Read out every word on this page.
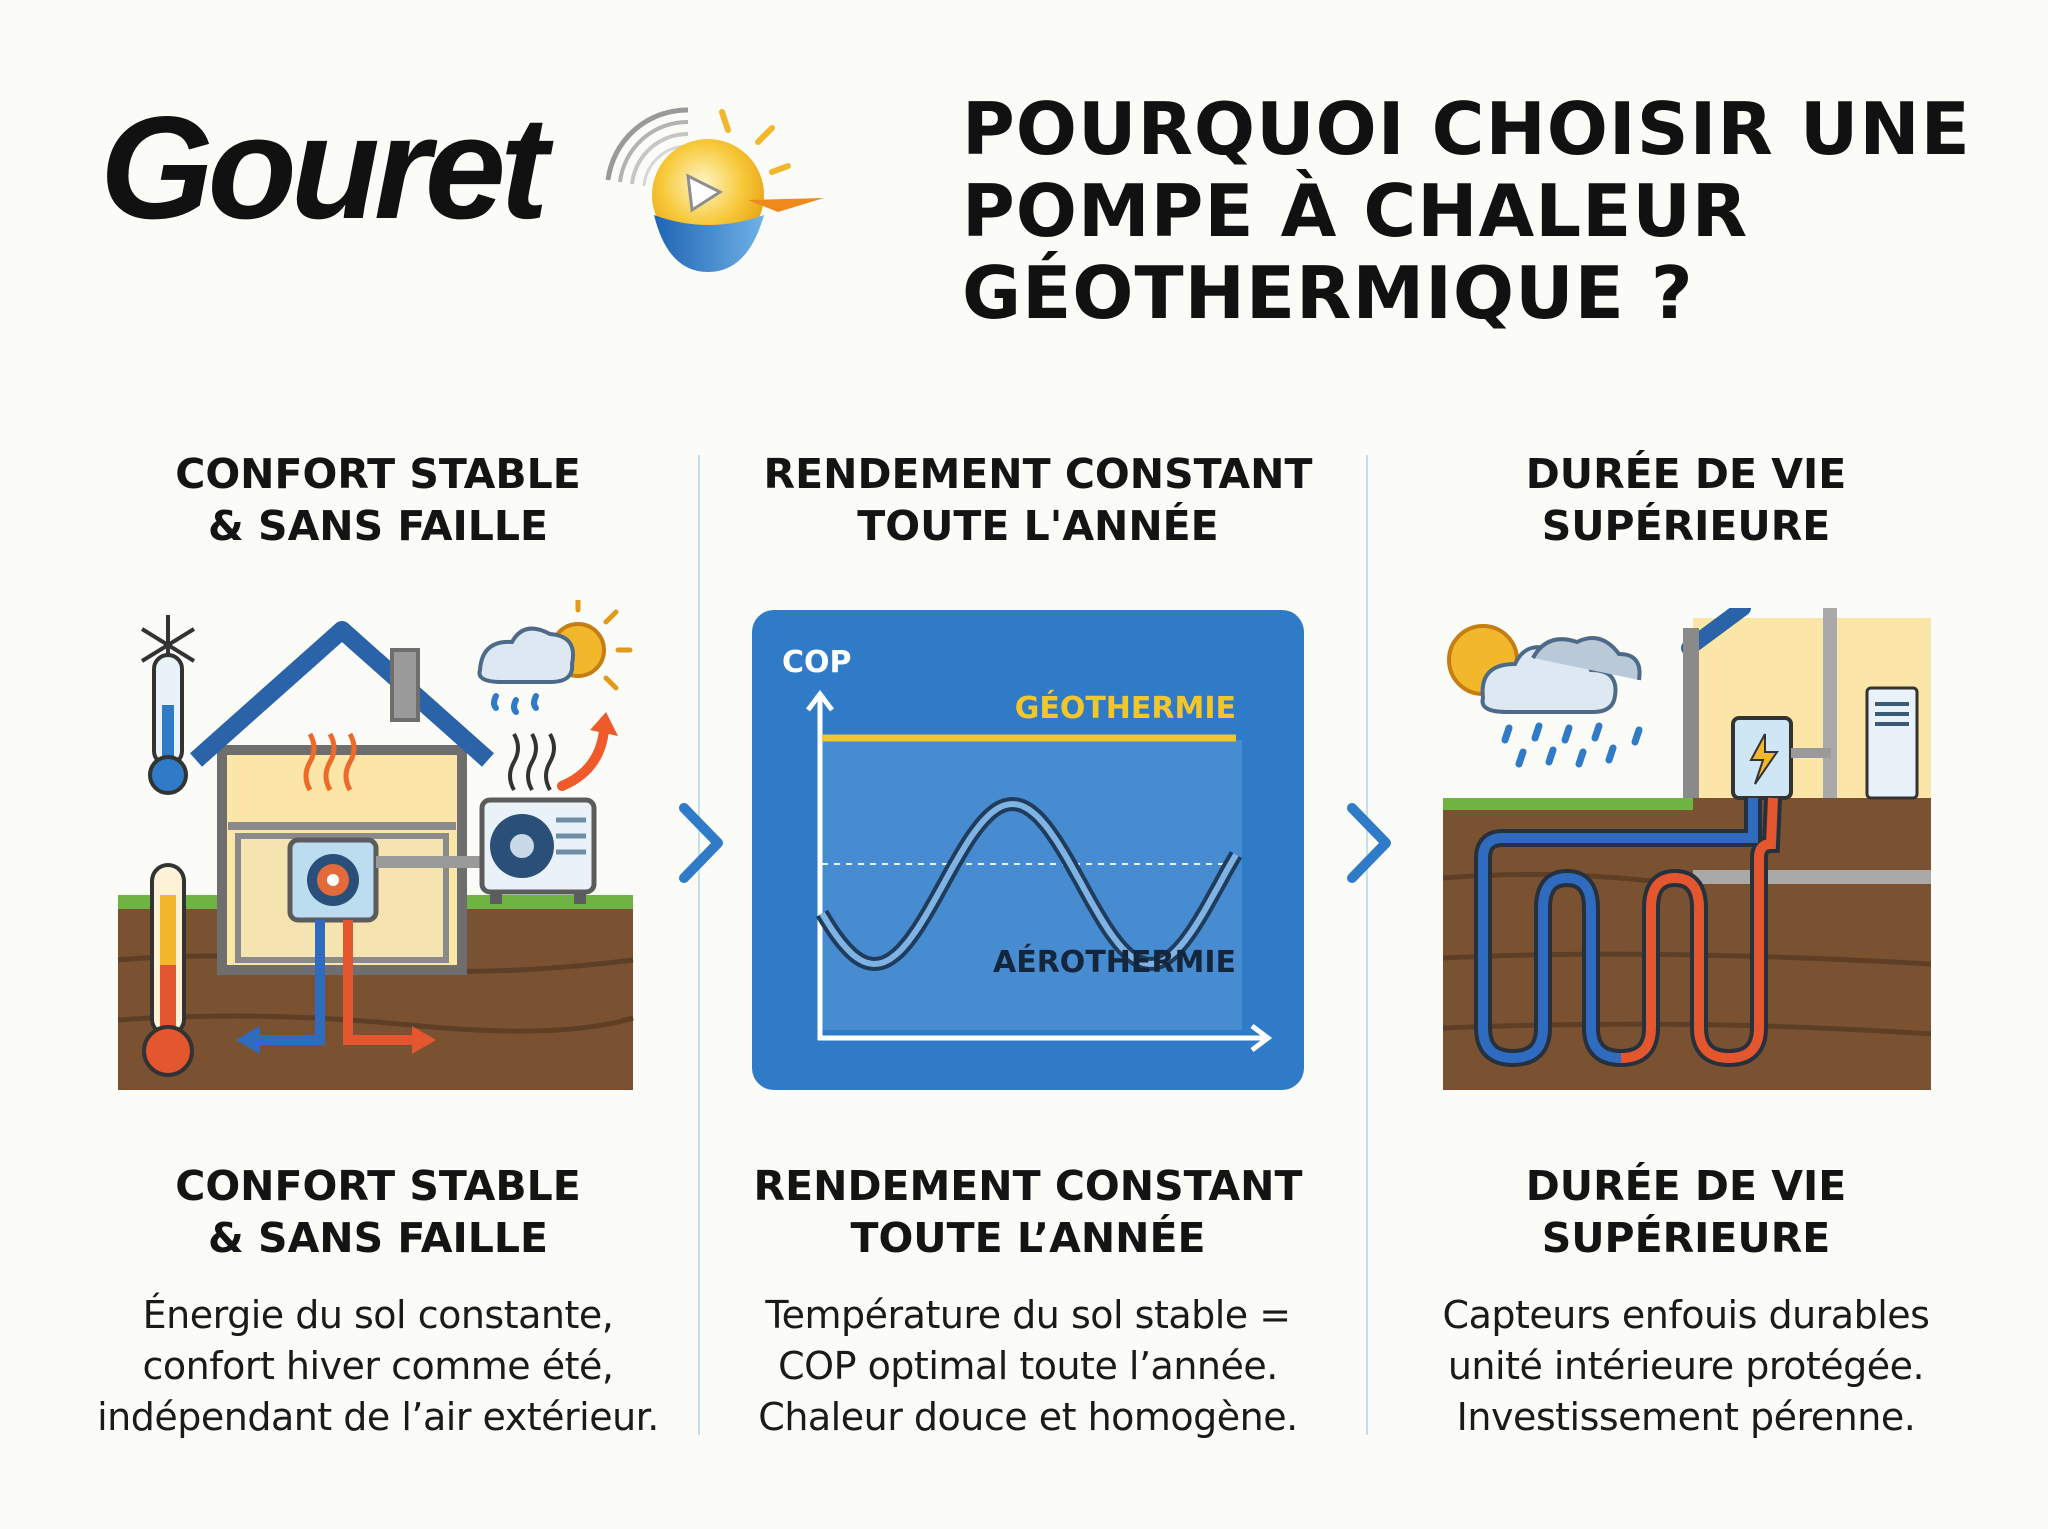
Gouret	POURQUOI CHOISIR UNE
POMPE À CHALEUR
GÉOTHERMIQUE ?
CONFORT STABLE
& SANS FAILLE
RENDEMENT CONSTANT
TOUTE L'ANNÉE
DURÉE DE VIE
SUPÉRIEURE
COP
GÉOTHERMIE
AÉROTHERMIE
CONFORT STABLE
& SANS FAILLE
RENDEMENT CONSTANT
TOUTE L’ANNÉE
DURÉE DE VIE
SUPÉRIEURE
Énergie du sol constante,
confort hiver comme été,
indépendant de l’air extérieur.
Température du sol stable =
COP optimal toute l’année.
Chaleur douce et homogène.
Capteurs enfouis durables
unité intérieure protégée.
Investissement pérenne.
